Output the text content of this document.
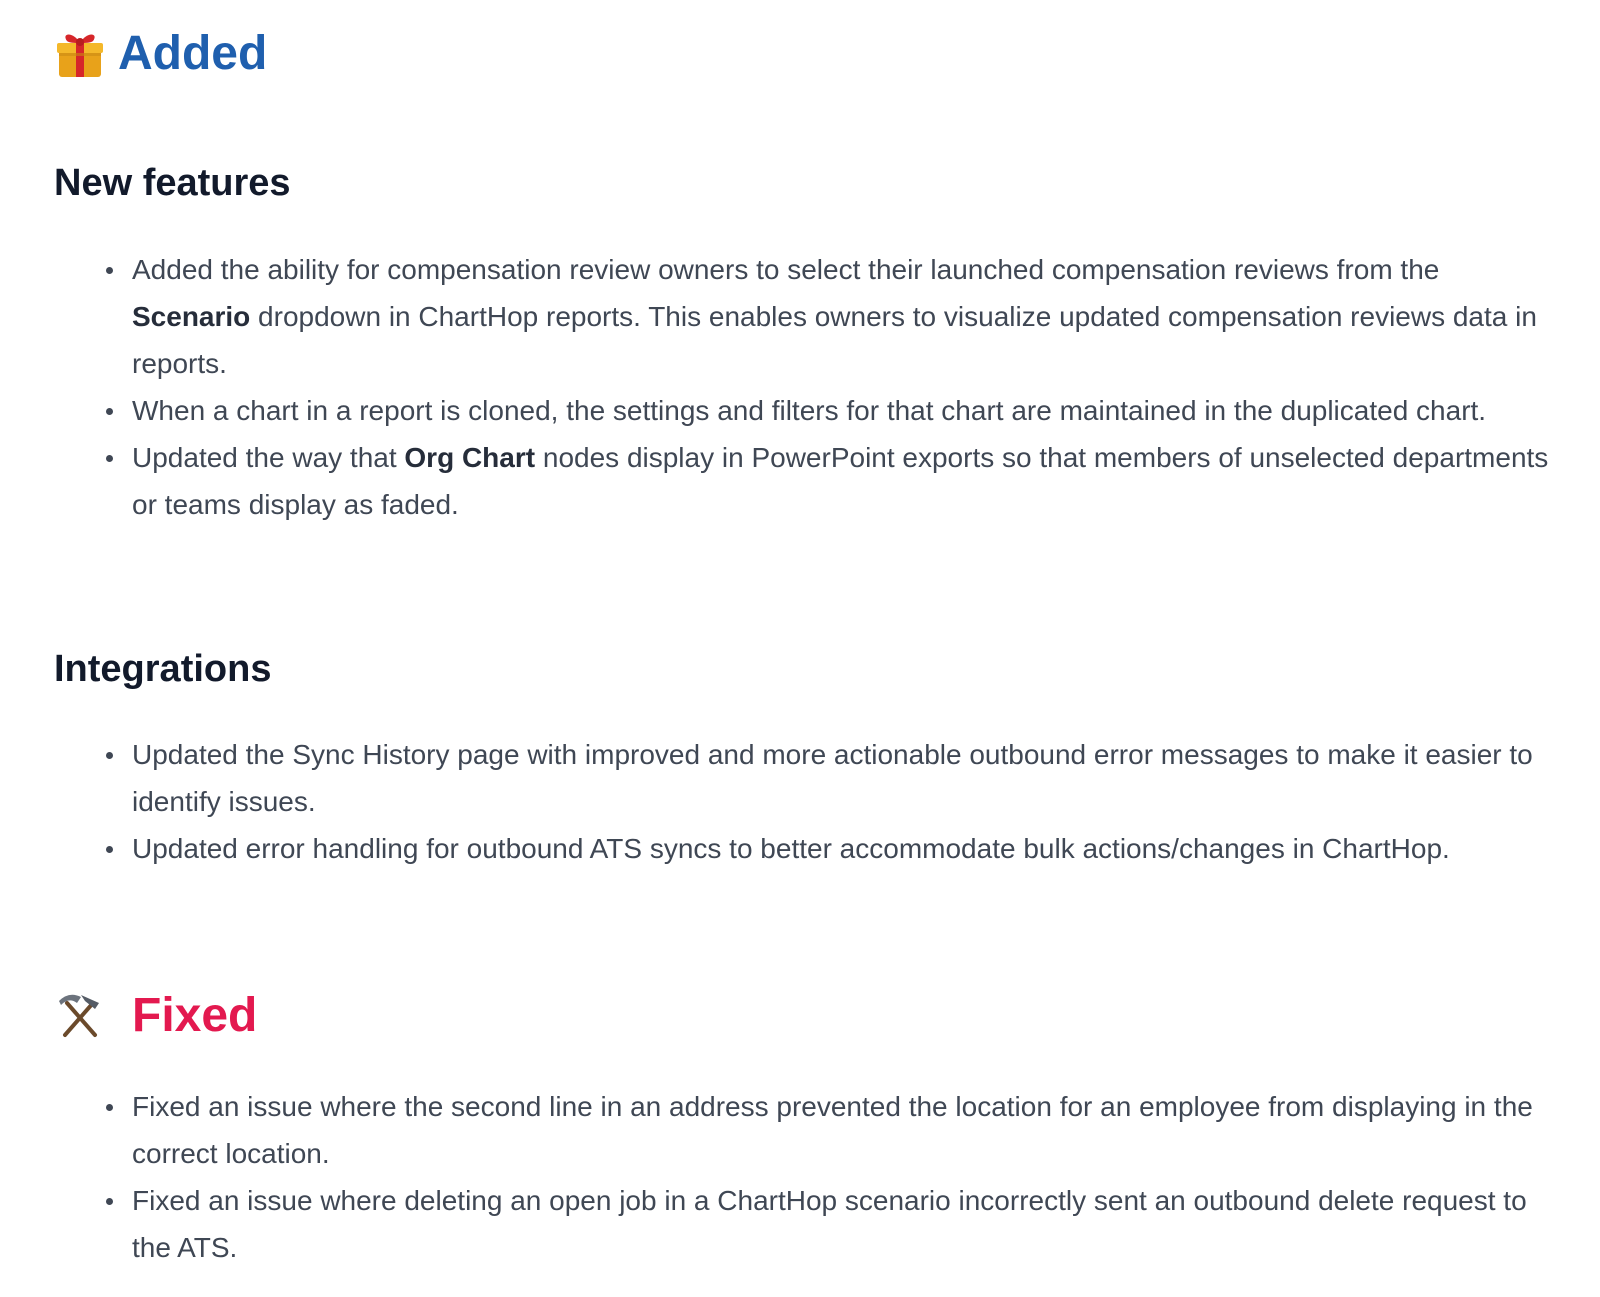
Added
New features
Added the ability for compensation review owners to select their launched compensation reviews from the Scenario dropdown in ChartHop reports. This enables owners to visualize updated compensation reviews data in reports.
When a chart in a report is cloned, the settings and filters for that chart are maintained in the duplicated chart.
Updated the way that Org Chart nodes display in PowerPoint exports so that members of unselected departments or teams display as faded.
Integrations
Updated the Sync History page with improved and more actionable outbound error messages to make it easier to identify issues.
Updated error handling for outbound ATS syncs to better accommodate bulk actions/changes in ChartHop.
Fixed
Fixed an issue where the second line in an address prevented the location for an employee from displaying in the correct location.
Fixed an issue where deleting an open job in a ChartHop scenario incorrectly sent an outbound delete request to the ATS.
